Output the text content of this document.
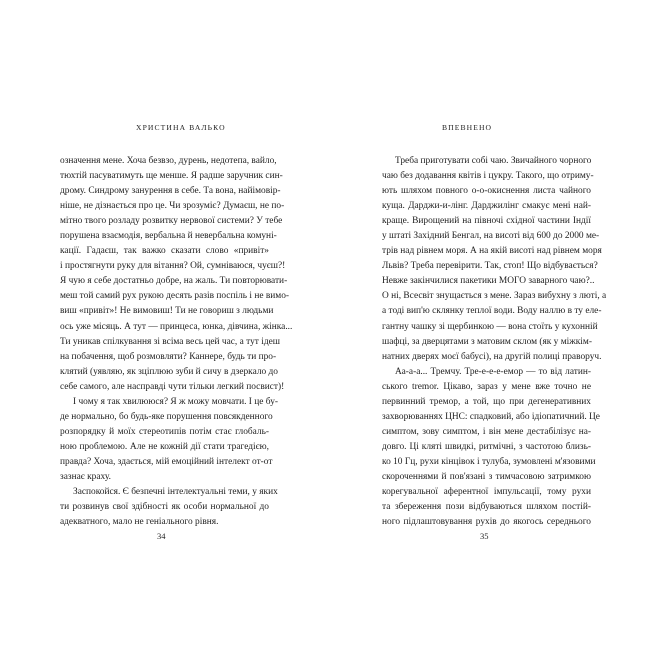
ХРИСТИНА ВАЛЬКО
означення мене. Хоча безвзо, дурень, недотепа, вайло,
тюхтій пасуватимуть ще менше. Я радше заручник син-
дрому. Синдрому занурення в себе. Та вона, найімовір-
ніше, не дізнається про це. Чи зрозуміє? Думаєш, не по-
мітно твого розладу розвитку нервової системи? У тебе
порушена взаємодія, вербальна й невербальна комуні-
кації. Гадаєш, так важко сказати слово «привіт»
і простягнути руку для вітання? Ой, сумніваюся, чуєш?!
Я чую я себе достатньо добре, на жаль. Ти повторювати-
меш той самий рух рукою десять разів поспіль і не вимо-
виш «привіт»! Не вимовиш! Ти не говориш з людьми
ось уже місяць. А тут — принцеса, юнка, дівчина, жінка...
Ти уникав спілкування зі всіма весь цей час, а тут ідеш
на побачення, щоб розмовляти? Каннере, будь ти про-
клятий (уявляю, як зціплюю зуби й сичу в дзеркало до
себе самого, але насправді чути тільки легкий посвист)!
І чому я так хвилююся? Я ж можу мовчати. І це бу-
де нормально, бо будь-яке порушення повсякденного
розпорядку й моїх стереотипів потім стає глобаль-
ною проблемою. Але не кожній дії стати трагедією,
правда? Хоча, здається, мій емоційний інтелект от-от
зазнає краху.
Заспокойся. Є безпечні інтелектуальні теми, у яких
ти розвинув свої здібності як особи нормальної до
адекватного, мало не геніального рівня.
34
ВПЕВНЕНО
Треба приготувати собі чаю. Звичайного чорного
чаю без додавання квітів і цукру. Такого, що отриму-
ють шляхом повного о-о-окиснення листа чайного
куща. Дарджи-и-лінг. Дарджилінг смакує мені най-
краще. Вирощений на півночі східної частини Індії
у штаті Західний Бенгал, на висоті від 600 до 2000 ме-
трів над рівнем моря. А на якій висоті над рівнем моря
Львів? Треба перевірити. Так, стоп! Що відбувається?
Невже закінчилися пакетики МОГО заварного чаю?..
О ні, Всесвіт знущається з мене. Зараз вибухну з люті, а
а тоді вип'ю склянку теплої води. Воду наллю в ту еле-
гантну чашку зі щербинкою — вона стоїть у кухонній
шафці, за дверцятами з матовим склом (як у міжкім-
натних дверях моєї бабусі), на другій полиці праворуч.
Аа-а-а... Тремчу. Тре-е-е-е-емор — то від латин-
ського tremor. Цікаво, зараз у мене вже точно не
первинний тремор, а той, що при дегенеративних
захворюваннях ЦНС: спадковий, або ідіопатичний. Це
симптом, зову симптом, і він мене дестабілізує на-
довго. Ці кляті швидкі, ритмічні, з частотою близь-
ко 10 Гц, рухи кінцівок і тулуба, зумовлені м'язовими
скороченнями й пов'язані з тимчасовою затримкою
корегувальної аферентної імпульсації, тому рухи
та збереження пози відбуваються шляхом постій-
ного підлаштовування рухів до якогось середнього
35
